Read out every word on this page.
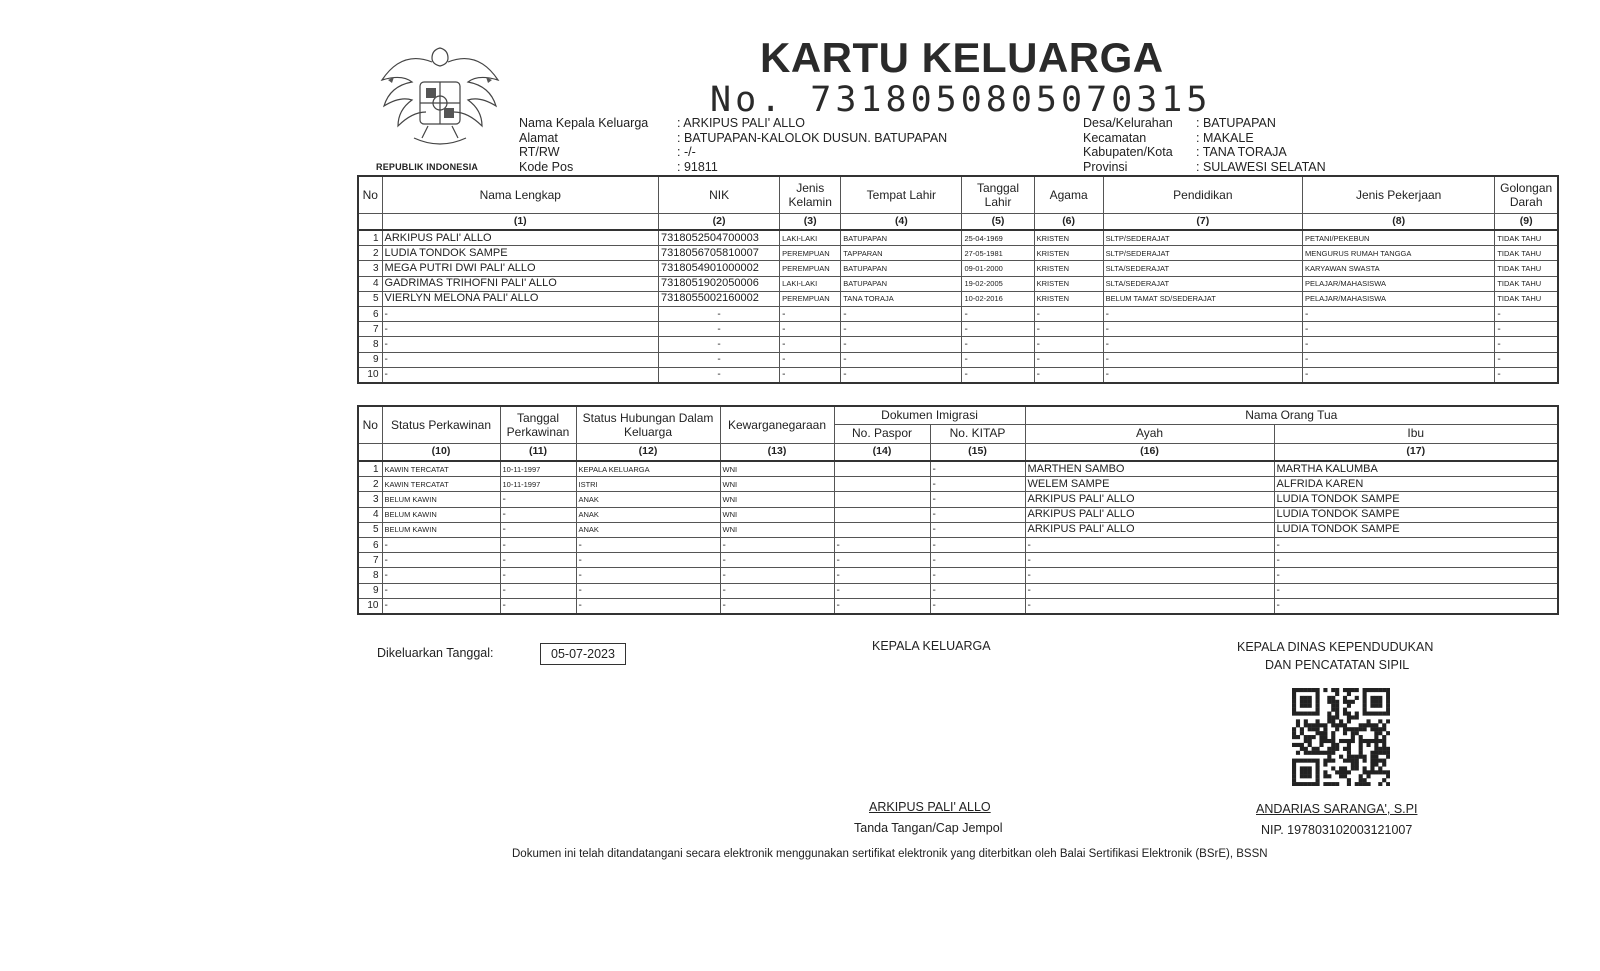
REPUBLIK INDONESIA
KARTU KELUARGA
No. 7318050805070315
Nama Kepala Keluarga	: ARKIPUS PALI' ALLO
Alamat	: BATUPAPAN-KALOLOK DUSUN. BATUPAPAN
RT/RW	: -/-
Kode Pos	: 91811
Desa/Kelurahan	: BATUPAPAN
Kecamatan	: MAKALE
Kabupaten/Kota	: TANA TORAJA
Provinsi	: SULAWESI SELATAN
No	Nama Lengkap	NIK	Jenis Kelamin	Tempat Lahir	Tanggal Lahir	Agama	Pendidikan	Jenis Pekerjaan	Golongan Darah
	(1)	(2)	(3)	(4)	(5)	(6)	(7)	(8)	(9)
1	ARKIPUS PALI' ALLO	7318052504700003	LAKI-LAKI	BATUPAPAN	25-04-1969	KRISTEN	SLTP/SEDERAJAT	PETANI/PEKEBUN	TIDAK TAHU
2	LUDIA TONDOK SAMPE	7318056705810007	PEREMPUAN	TAPPARAN	27-05-1981	KRISTEN	SLTP/SEDERAJAT	MENGURUS RUMAH TANGGA	TIDAK TAHU
3	MEGA PUTRI DWI PALI' ALLO	7318054901000002	PEREMPUAN	BATUPAPAN	09-01-2000	KRISTEN	SLTA/SEDERAJAT	KARYAWAN SWASTA	TIDAK TAHU
4	GADRIMAS TRIHOFNI PALI' ALLO	7318051902050006	LAKI-LAKI	BATUPAPAN	19-02-2005	KRISTEN	SLTA/SEDERAJAT	PELAJAR/MAHASISWA	TIDAK TAHU
5	VIERLYN MELONA PALI' ALLO	7318055002160002	PEREMPUAN	TANA TORAJA	10-02-2016	KRISTEN	BELUM TAMAT SD/SEDERAJAT	PELAJAR/MAHASISWA	TIDAK TAHU
6	-	-	-	-	-	-	-	-	-
7	-	-	-	-	-	-	-	-	-
8	-	-	-	-	-	-	-	-	-
9	-	-	-	-	-	-	-	-	-
10	-	-	-	-	-	-	-	-	-
No	Status Perkawinan	Tanggal Perkawinan	Status Hubungan Dalam Keluarga	Kewarganegaraan	Dokumen Imigrasi		Nama Orang Tua	
					No. Paspor	No. KITAP	Ayah	Ibu
	(10)	(11)	(12)	(13)	(14)	(15)	(16)	(17)
1	KAWIN TERCATAT	10-11-1997	KEPALA KELUARGA	WNI		-	MARTHEN SAMBO	MARTHA KALUMBA
2	KAWIN TERCATAT	10-11-1997	ISTRI	WNI		-	WELEM SAMPE	ALFRIDA KAREN
3	BELUM KAWIN	-	ANAK	WNI		-	ARKIPUS PALI' ALLO	LUDIA TONDOK SAMPE
4	BELUM KAWIN	-	ANAK	WNI		-	ARKIPUS PALI' ALLO	LUDIA TONDOK SAMPE
5	BELUM KAWIN	-	ANAK	WNI		-	ARKIPUS PALI' ALLO	LUDIA TONDOK SAMPE
6	-	-	-	-	-	-	-	-
7	-	-	-	-	-	-	-	-
8	-	-	-	-	-	-	-	-
9	-	-	-	-	-	-	-	-
10	-	-	-	-	-	-	-	-
Dikeluarkan Tanggal:	05-07-2023
KEPALA KELUARGA
ARKIPUS PALI' ALLO
Tanda Tangan/Cap Jempol
KEPALA DINAS KEPENDUDUKAN
DAN PENCATATAN SIPIL
ANDARIAS SARANGA', S.PI
NIP. 197803102003121007
Dokumen ini telah ditandatangani secara elektronik menggunakan sertifikat elektronik yang diterbitkan oleh Balai Sertifikasi Elektronik (BSrE), BSSN
